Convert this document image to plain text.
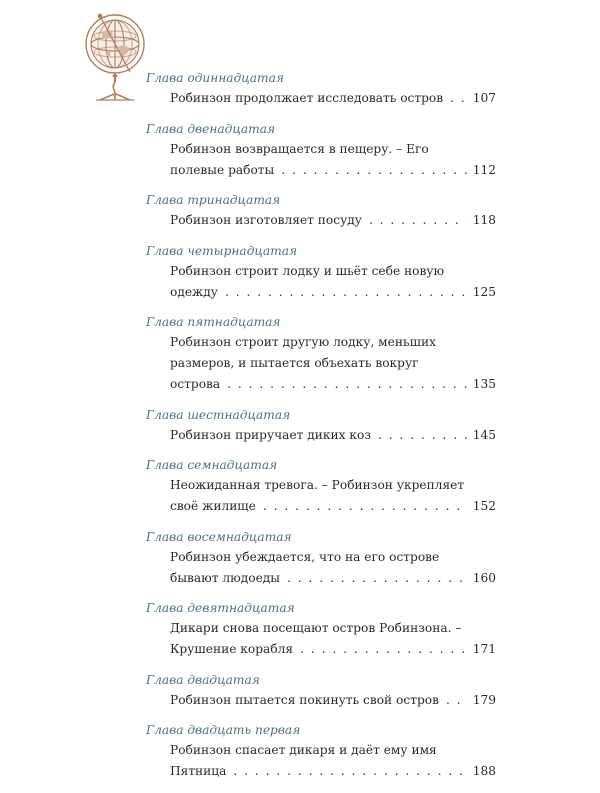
Глава одиннадцатая
Робинзон продолжает исследовать остров . . . 107
Глава двенадцатая
Робинзон возвращается в пещеру. – Его
полевые работы . . .	112
Глава тринадцатая
Робинзон изготовляет посуду . . .	118
Глава четырнадцатая
Робинзон строит лодку и шьёт себе новую
одежду . . .	125
Глава пятнадцатая
Робинзон строит другую лодку, меньших
размеров, и пытается объехать вокруг
острова . . .	135
Глава шестнадцатая
Робинзон приручает диких коз . . .	145
Глава семнадцатая
Неожиданная тревога. – Робинзон укрепляет
своё жилище . . .	152
Глава восемнадцатая
Робинзон убеждается, что на его острове
бывают людоеды . . .	160
Глава девятнадцатая
Дикари снова посещают остров Робинзона. –
Крушение корабля . . .	171
Глава двадцатая
Робинзон пытается покинуть свой остров . . .	179
Глава двадцать первая
Робинзон спасает дикаря и даёт ему имя
Пятница . . .	188
